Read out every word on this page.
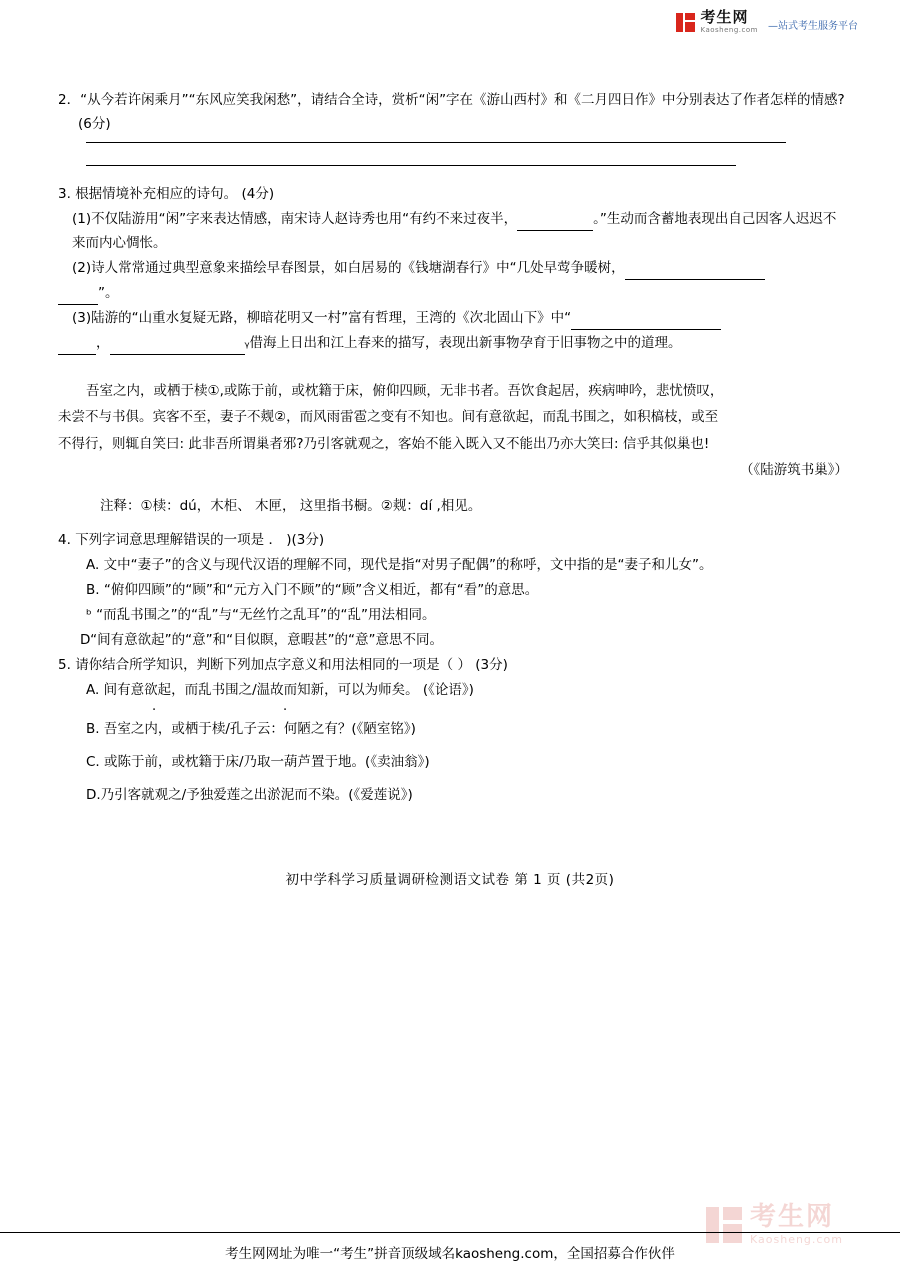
考生网
Kaosheng.com —站式考生服务平台
2．“从今若许闲乘月”“东风应笑我闲愁”，请结合全诗，赏析“闲”字在《游山西村》和《二月四日作》中分别表达了作者怎样的情感? (6分)
3. 根据情境补充相应的诗句。 (4分)
(1)不仅陆游用“闲”字来表达情感，南宋诗人赵诗秀也用“有约不来过夜半，	。”生动而含蓄地表现出自己因客人迟迟不来而内心惆怅。
(2)诗人常常通过典型意象来描绘早春图景，如白居易的《钱塘湖春行》中“几处早莺争暖树，
”。
(3)陆游的“山重水复疑无路，柳暗花明又一村”富有哲理，王湾的《次北固山下》中“
，	ᵧ借海上日出和江上春来的描写，表现出新事物孕育于旧事物之中的道理。
吾室之内，或栖于椟①,或陈于前，或枕籍于床，俯仰四顾，无非书者。吾饮食起居，疾病呻吟，悲忧愤叹，
未尝不与书俱。宾客不至，妻子不觌②，而风雨雷雹之变有不知也。间有意欲起，而乱书围之，如积槁枝，或至
不得行，则辄自笑曰: 此非吾所谓巢者邪?乃引客就观之，客始不能入既入又不能出乃亦大笑曰: 信乎其似巢也!
（《陆游筑书巢》）
注释：①椟：dú，木柜、 木匣， 这里指书橱。②觌：dí ,相见。
4. 下列字词意思理解错误的一项是 ． )(3分)
A. 文中“妻子”的含义与现代汉语的理解不同，现代是指“对男子配偶”的称呼，文中指的是“妻子和儿女”。
B. “俯仰四顾”的“顾”和“元方入门不顾”的“顾”含义相近，都有“看”的意思。
ᵇ “而乱书围之”的“乱”与“无丝竹之乱耳”的“乱”用法相同。
D“间有意欲起”的“意”和“目似瞑，意暇甚”的“意”意思不同。
5. 请你结合所学知识，判断下列加点字意义和用法相同的一项是（ ） (3分)
A. 间有意欲起，而乱书围之/温故而知新，可以为师矣。 (《论语》)
.	.
B. 吾室之内，或栖于椟/孔子云：何陋之有？(《陋室铭》)
C. 或陈于前，或枕籍于床/乃取一葫芦置于地。(《卖油翁》)
D.乃引客就观之/予独爱莲之出淤泥而不染。(《爱莲说》)
初中学科学习质量调研检测语文试卷 第 1 页 (共2页)
考生网
Kaosheng.com
考生网网址为唯一“考生”拼音顶级域名kaosheng.com，全国招募合作伙伴
